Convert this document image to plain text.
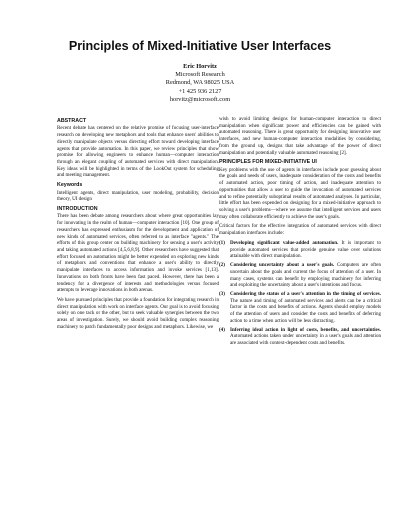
Principles of Mixed-Initiative User Interfaces
Eric Horvitz
Microsoft Research
Redmond, WA 98025 USA
+1 425 936 2127
horvitz@microsoft.com
ABSTRACT
Recent debate has centered on the relative promise of focusing user-interface research on developing new metaphors and tools that enhance users' abilities to directly manipulate objects versus directing effort toward developing interface agents that provide automation. In this paper, we review principles that show promise for allowing engineers to enhance human—computer interaction through an elegant coupling of automated services with direct manipulation. Key ideas will be highlighted in terms of the LookOut system for scheduling and meeting management.
Keywords
Intelligent agents, direct manipulation, user modeling, probability, decision theory, UI design
INTRODUCTION
There has been debate among researchers about where great opportunities lay for innovating in the realm of human—computer interaction [10]. One group of researchers has expressed enthusiasm for the development and application of new kinds of automated services, often referred to as interface "agents." The efforts of this group center on building machinery for sensing a user's activity and taking automated actions [4,5,6,8,9]. Other researchers have suggested that effort focused on automation might be better expended on exploring new kinds of metaphors and conventions that enhance a user's ability to directly manipulate interfaces to access information and invoke services [1,13]. Innovations on both fronts have been fast paced. However, there has been a tendency for a divergence of interests and methodologies versus focused attempts to leverage innovations in both arenas.
We have pursued principles that provide a foundation for integrating research in direct manipulation with work on interface agents. Our goal is to avoid focusing solely on one tack or the other, but to seek valuable synergies between the two areas of investigation. Surely, we should avoid building complex reasoning machinery to patch fundamentally poor designs and metaphors. Likewise, we
wish to avoid limiting designs for human-computer interaction to direct manipulation when significant power and efficiencies can be gained with automated reasoning. There is great opportunity for designing innovative user interfaces, and new human-computer interaction modalities by considering, from the ground up, designs that take advantage of the power of direct manipulation and potentially valuable automated reasoning [2].
PRINCIPLES FOR MIXED-INITIATIVE UI
Key problems with the use of agents in interfaces include poor guessing about the goals and needs of users, inadequate consideration of the costs and benefits of automated action, poor timing of action, and inadequate attention to opportunities that allow a user to guide the invocation of automated services and to refine potentially suboptimal results of automated analyses. In particular, little effort has been expended on designing for a mixed-initiative approach to solving a user's problems—where we assume that intelligent services and users may often collaborate efficiently to achieve the user's goals.
Critical factors for the effective integration of automated services with direct manipulation interfaces include:
(1) Developing significant value-added automation. It is important to provide automated services that provide genuine value over solutions attainable with direct manipulation.
(2) Considering uncertainty about a user's goals. Computers are often uncertain about the goals and current the focus of attention of a user. In many cases, systems can benefit by employing machinery for inferring and exploiting the uncertainty about a user's intentions and focus.
(3) Considering the status of a user's attention in the timing of services. The nature and timing of automated services and alerts can be a critical factor in the costs and benefits of actions. Agents should employ models of the attention of users and consider the costs and benefits of deferring action to a time when action will be less distracting.
(4) Inferring ideal action in light of costs, benefits, and uncertainties. Automated actions taken under uncertainty in a user's goals and attention are associated with context-dependent costs and benefits.
